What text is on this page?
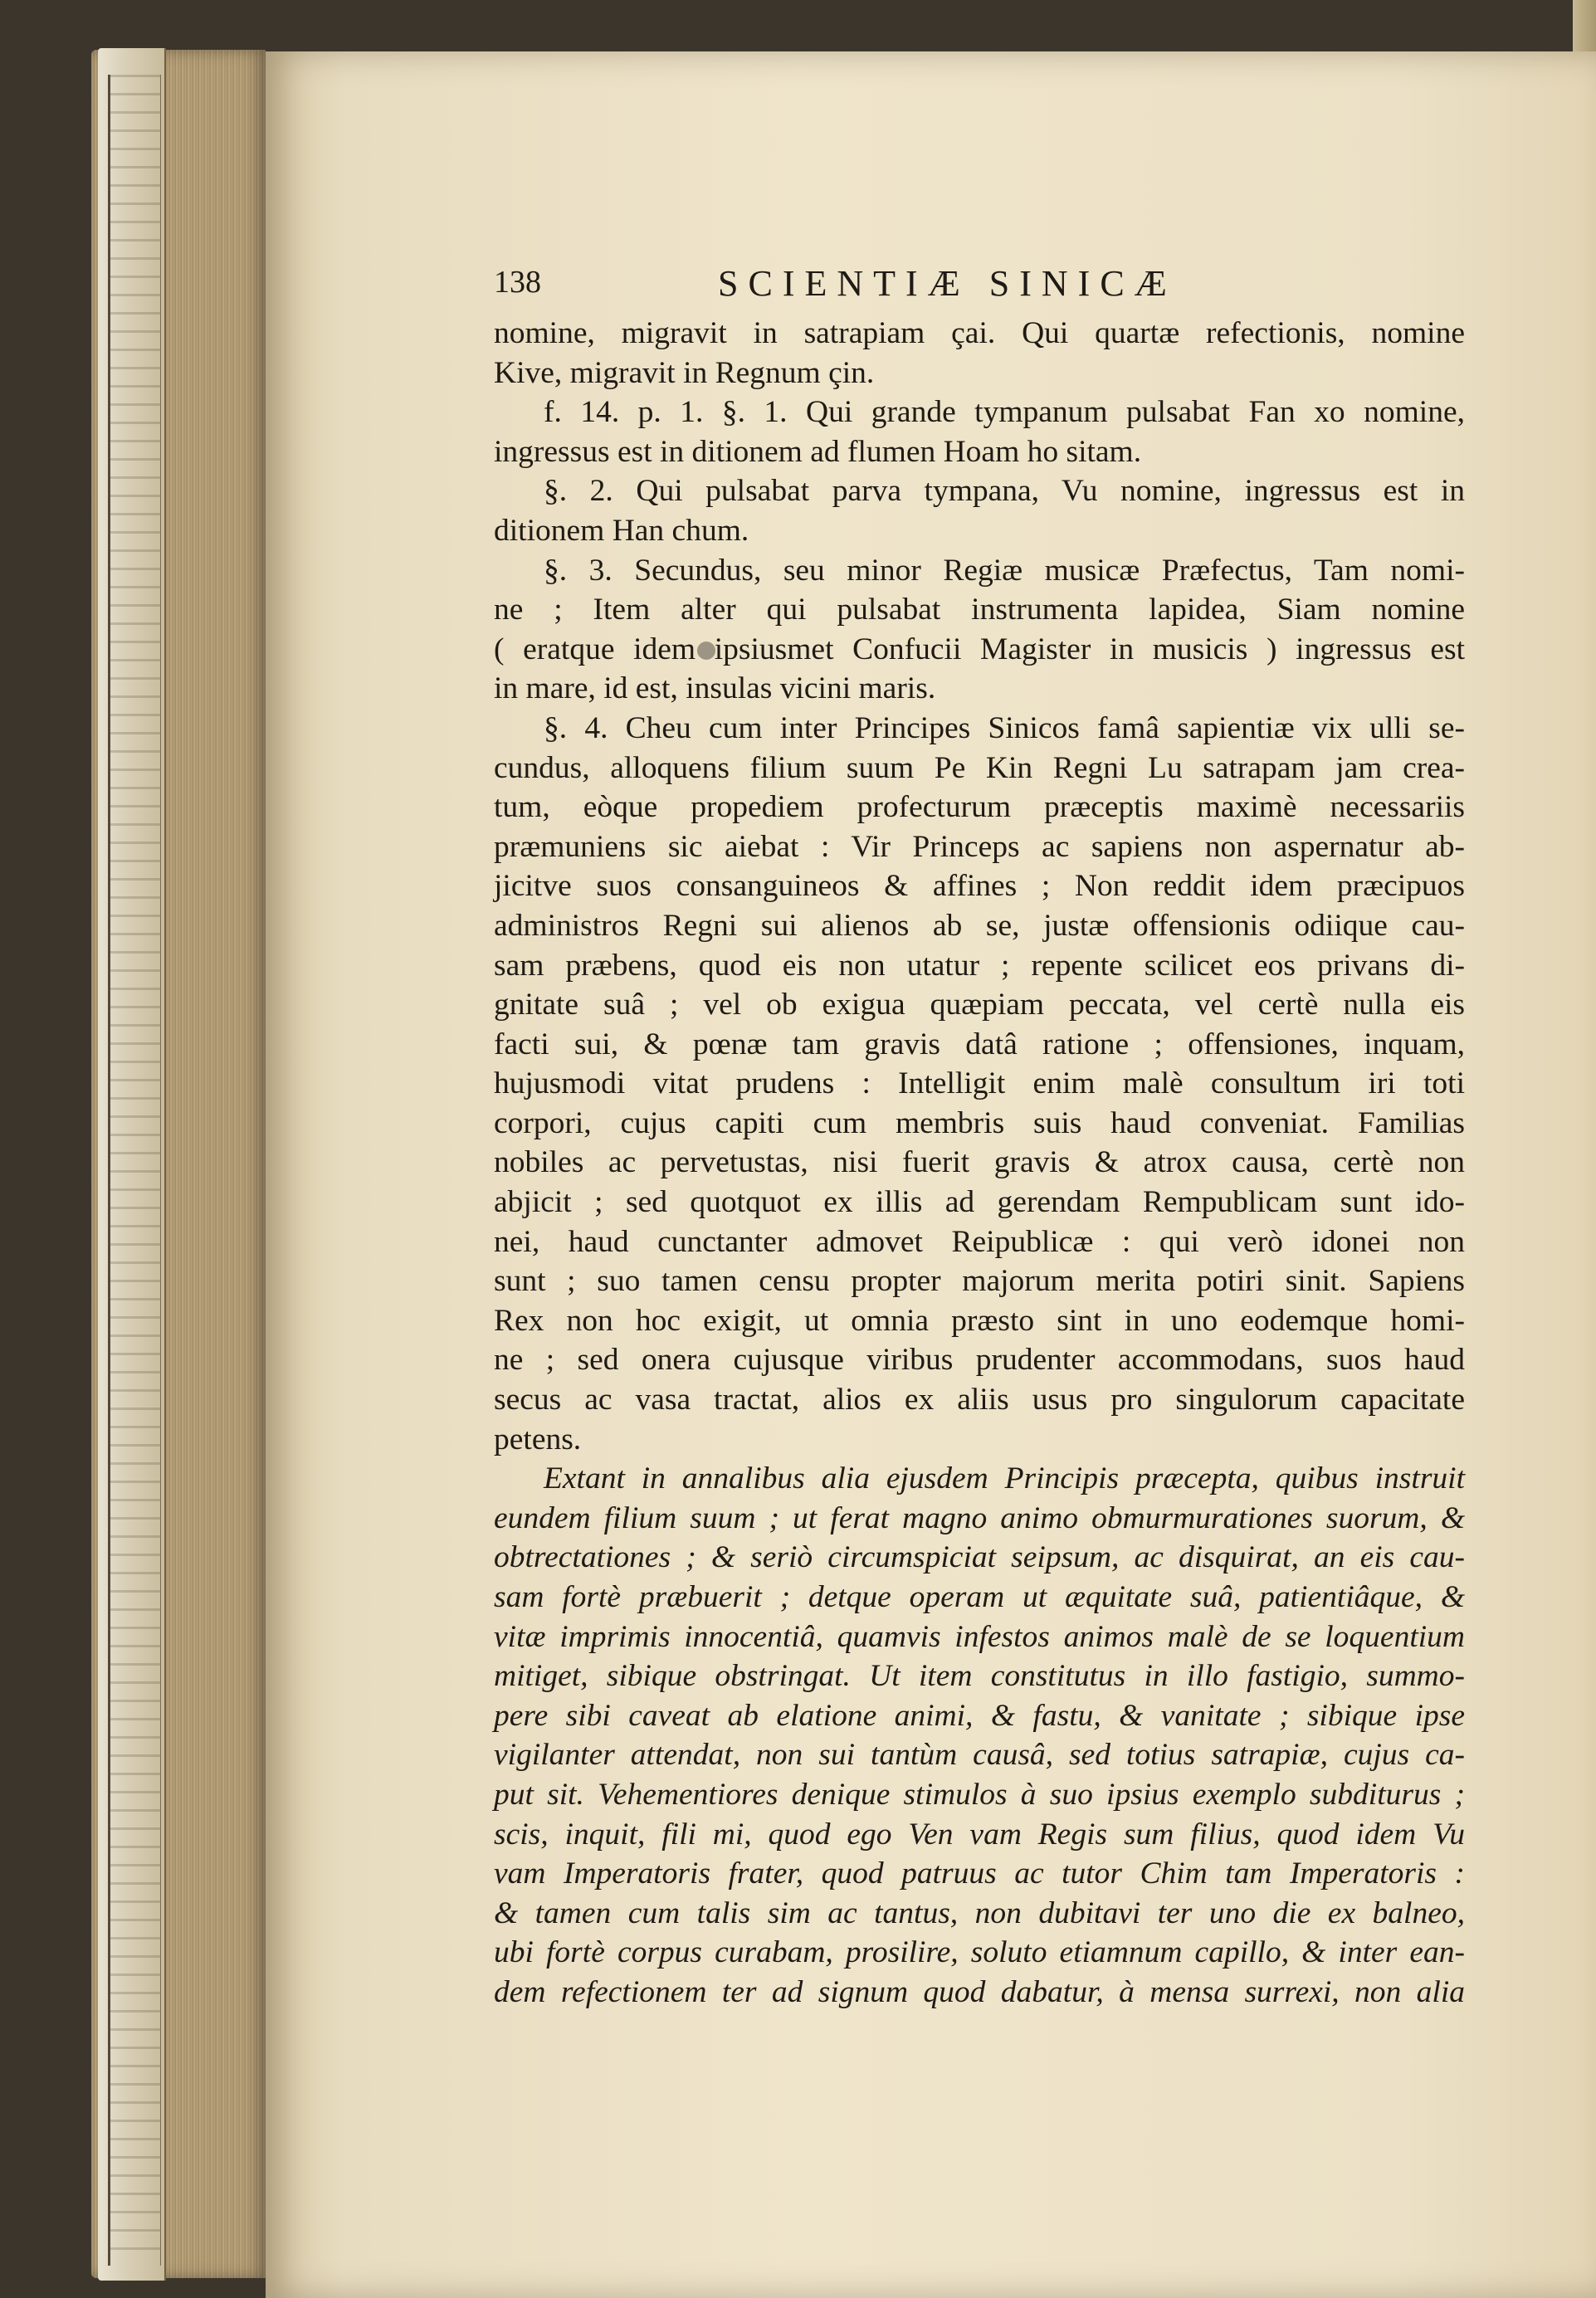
138	SCIENTIÆ SINICÆ
nomine, migravit in satrapiam çai. Qui quartæ refectionis, nomine
Kive, migravit in Regnum çin.
f. 14. p. 1. §. 1. Qui grande tympanum pulsabat Fan xo nomine,
ingressus est in ditionem ad flumen Hoam ho sitam.
§. 2. Qui pulsabat parva tympana, Vu nomine, ingressus est in
ditionem Han chum.
§. 3. Secundus, seu minor Regiæ musicæ Præfectus, Tam nomi-
ne ; Item alter qui pulsabat instrumenta lapidea, Siam nomine
( eratque idem ipsiusmet Confucii Magister in musicis ) ingressus est
in mare, id est, insulas vicini maris.
§. 4. Cheu cum inter Principes Sinicos famâ sapientiæ vix ulli se-
cundus, alloquens filium suum Pe Kin Regni Lu satrapam jam crea-
tum, eòque propediem profecturum præceptis maximè necessariis
præmuniens sic aiebat : Vir Princeps ac sapiens non aspernatur ab-
jicitve suos consanguineos & affines ; Non reddit idem præcipuos
administros Regni sui alienos ab se, justæ offensionis odiique cau-
sam præbens, quod eis non utatur ; repente scilicet eos privans di-
gnitate suâ ; vel ob exigua quæpiam peccata, vel certè nulla eis
facti sui, & pœnæ tam gravis datâ ratione ; offensiones, inquam,
hujusmodi vitat prudens : Intelligit enim malè consultum iri toti
corpori, cujus capiti cum membris suis haud conveniat. Familias
nobiles ac pervetustas, nisi fuerit gravis & atrox causa, certè non
abjicit ; sed quotquot ex illis ad gerendam Rempublicam sunt ido-
nei, haud cunctanter admovet Reipublicæ : qui verò idonei non
sunt ; suo tamen censu propter majorum merita potiri sinit. Sapiens
Rex non hoc exigit, ut omnia præsto sint in uno eodemque homi-
ne ; sed onera cujusque viribus prudenter accommodans, suos haud
secus ac vasa tractat, alios ex aliis usus pro singulorum capacitate
petens.
Extant in annalibus alia ejusdem Principis præcepta, quibus instruit
eundem filium suum ; ut ferat magno animo obmurmurationes suorum, &
obtrectationes ; & seriò circumspiciat seipsum, ac disquirat, an eis cau-
sam fortè præbuerit ; detque operam ut æquitate suâ, patientiâque, &
vitæ imprimis innocentiâ, quamvis infestos animos malè de se loquentium
mitiget, sibique obstringat. Ut item constitutus in illo fastigio, summo-
pere sibi caveat ab elatione animi, & fastu, & vanitate ; sibique ipse
vigilanter attendat, non sui tantùm causâ, sed totius satrapiæ, cujus ca-
put sit. Vehementiores denique stimulos à suo ipsius exemplo subditurus ;
scis, inquit, fili mi, quod ego Ven vam Regis sum filius, quod idem Vu
vam Imperatoris frater, quod patruus ac tutor Chim tam Imperatoris :
& tamen cum talis sim ac tantus, non dubitavi ter uno die ex balneo,
ubi fortè corpus curabam, prosilire, soluto etiamnum capillo, & inter ean-
dem refectionem ter ad signum quod dabatur, à mensa surrexi, non alia
